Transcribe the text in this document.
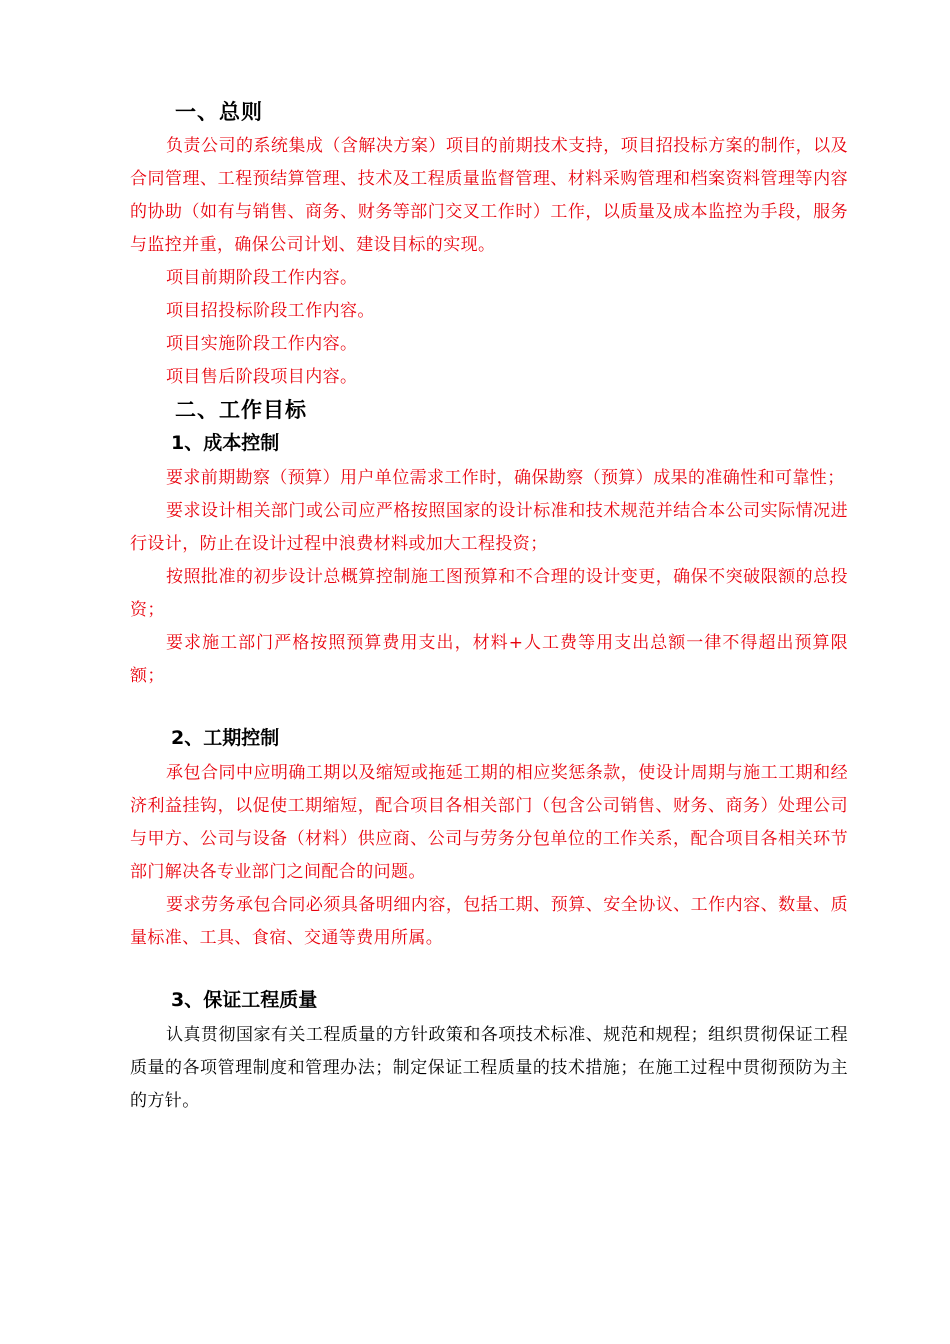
一、总则

负责公司的系统集成（含解决方案）项目的前期技术支持，项目招投标方案的制作，以及合同管理、工程预结算管理、技术及工程质量监督管理、材料采购管理和档案资料管理等内容的协助（如有与销售、商务、财务等部门交叉工作时）工作，以质量及成本监控为手段，服务与监控并重，确保公司计划、建设目标的实现。

项目前期阶段工作内容。

项目招投标阶段工作内容。

项目实施阶段工作内容。

项目售后阶段项目内容。

二、工作目标
1、成本控制

要求前期勘察（预算）用户单位需求工作时，确保勘察（预算）成果的准确性和可靠性；

要求设计相关部门或公司应严格按照国家的设计标准和技术规范并结合本公司实际情况进行设计，防止在设计过程中浪费材料或加大工程投资；

按照批准的初步设计总概算控制施工图预算和不合理的设计变更，确保不突破限额的总投资；

要求施工部门严格按照预算费用支出，材料+人工费等用支出总额一律不得超出预算限额；

2、工期控制

承包合同中应明确工期以及缩短或拖延工期的相应奖惩条款，使设计周期与施工工期和经济利益挂钩，以促使工期缩短，配合项目各相关部门（包含公司销售、财务、商务）处理公司与甲方、公司与设备（材料）供应商、公司与劳务分包单位的工作关系，配合项目各相关环节部门解决各专业部门之间配合的问题。

要求劳务承包合同必须具备明细内容，包括工期、预算、安全协议、工作内容、数量、质量标准、工具、食宿、交通等费用所属。

3、保证工程质量

认真贯彻国家有关工程质量的方针政策和各项技术标准、规范和规程；组织贯彻保证工程质量的各项管理制度和管理办法；制定保证工程质量的技术措施；在施工过程中贯彻预防为主的方针。
